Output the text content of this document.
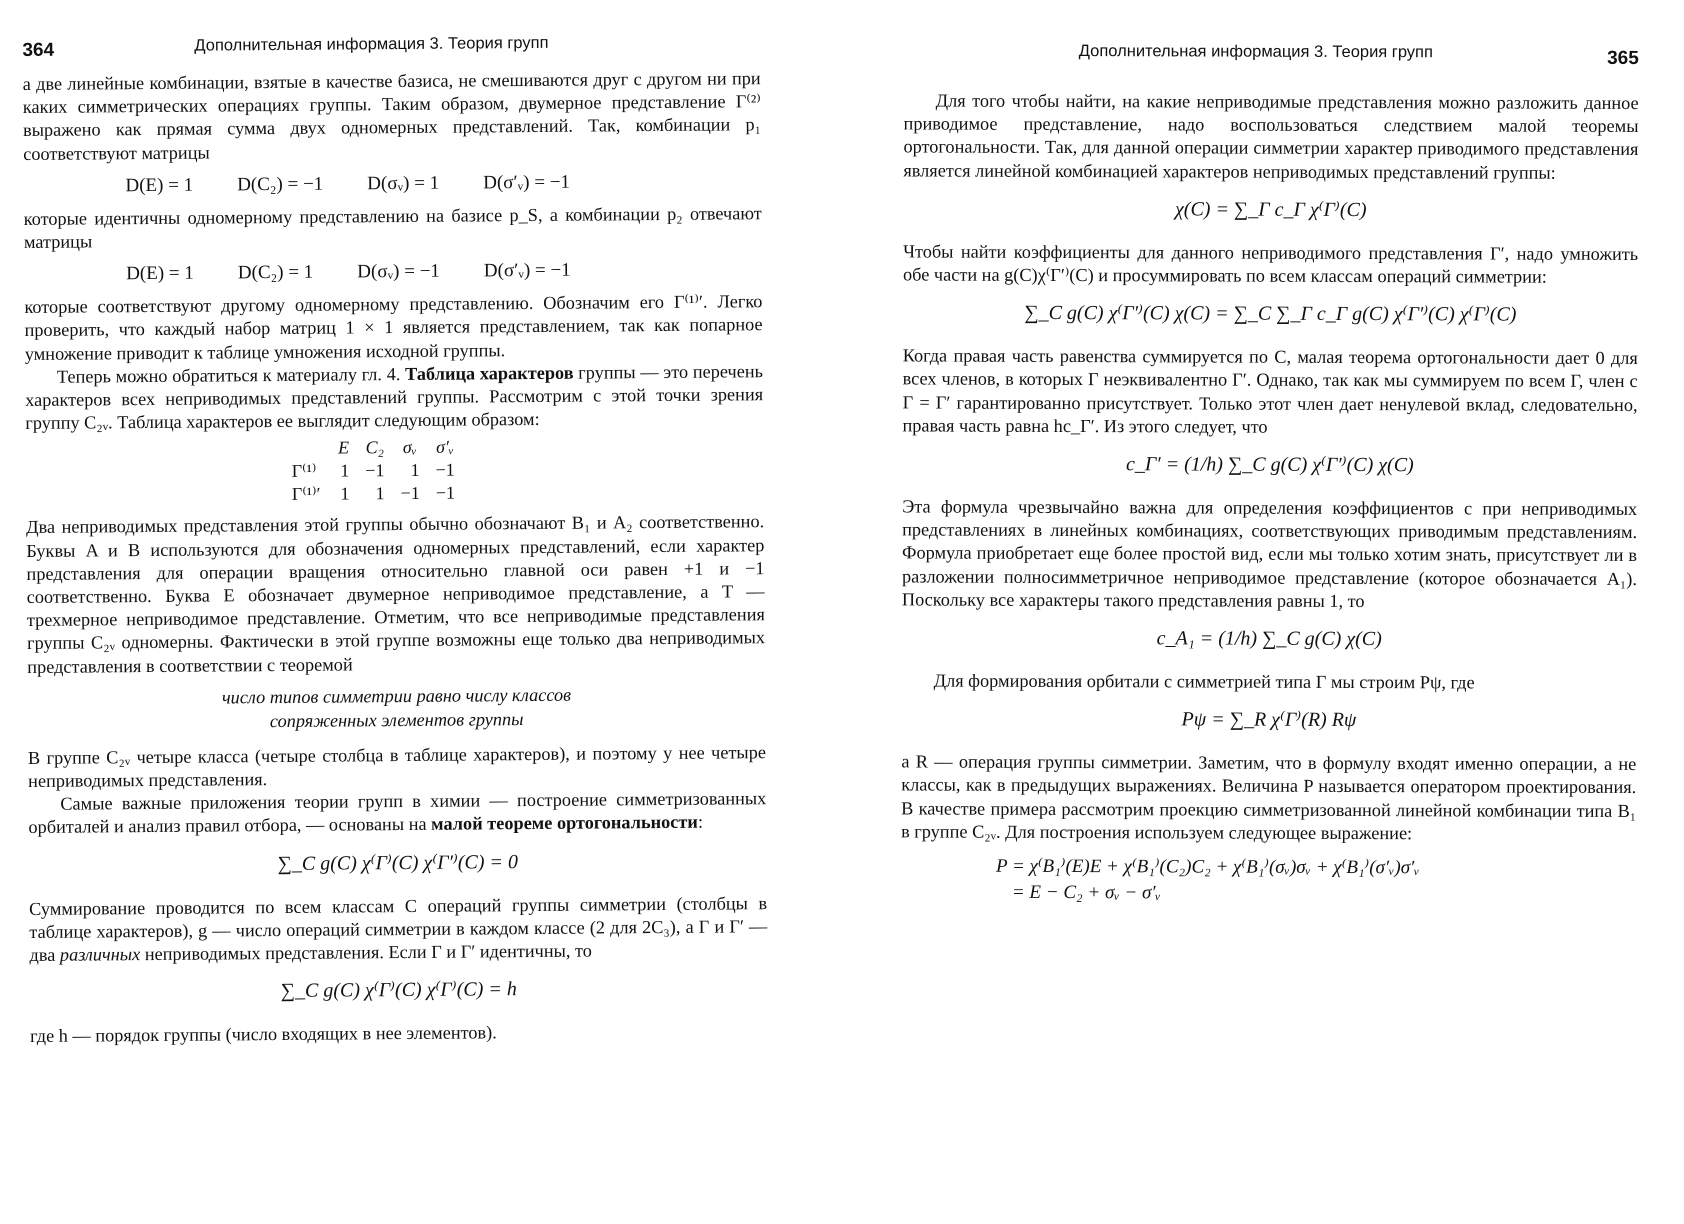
364	Дополнительная информация 3. Теория групп

а две линейные комбинации, взятые в качестве базиса, не смешиваются друг с другом ни при каких симметрических операциях группы. Таким образом, двумерное представление Γ⁽²⁾ выражено как прямая сумма двух одномерных представлений. Так, комбинации p₁ соответствуют матрицы

D(E) = 1 D(C₂) = −1 D(σᵥ) = 1 D(σ′ᵥ) = −1

которые идентичны одномерному представлению на базисе p_S, а комбинации p₂ отвечают матрицы

D(E) = 1 D(C₂) = 1 D(σᵥ) = −1 D(σ′ᵥ) = −1

которые соответствуют другому одномерному представлению. Обозначим его Γ⁽¹⁾′. Легко проверить, что каждый набор матриц 1 × 1 является представлением, так как попарное умножение приводит к таблице умножения исходной группы.

Теперь можно обратиться к материалу гл. 4. Таблица характеров группы — это перечень характеров всех неприводимых представлений группы. Рассмотрим с этой точки зрения группу C₂ᵥ. Таблица характеров ее выглядит следующим образом:

	E	C₂	σᵥ	σ′ᵥ
Γ⁽¹⁾	1	−1	1	−1
Γ⁽¹⁾′	1	1	−1	−1

Два неприводимых представления этой группы обычно обозначают B₁ и A₂ соответственно. Буквы A и B используются для обозначения одномерных представлений, если характер представления для операции вращения относительно главной оси равен +1 и −1 соответственно. Буква E обозначает двумерное неприводимое представление, а T — трехмерное неприводимое представление. Отметим, что все неприводимые представления группы C₂ᵥ одномерны. Фактически в этой группе возможны еще только два неприводимых представления в соответствии с теоремой

число типов симметрии равно числу классов
сопряженных элементов группы

В группе C₂ᵥ четыре класса (четыре столбца в таблице характеров), и поэтому у нее четыре неприводимых представления.

Самые важные приложения теории групп в химии — построение симметризованных орбиталей и анализ правил отбора, — основаны на малой теореме ортогональности:

∑_C g(C) χ⁽Γ⁾(C) χ⁽Γ′⁾(C) = 0

Суммирование проводится по всем классам C операций группы симметрии (столбцы в таблице характеров), g — число операций симметрии в каждом классе (2 для 2C₃), а Γ и Γ′ — два различных неприводимых представления. Если Γ и Γ′ идентичны, то

∑_C g(C) χ⁽Γ⁾(C) χ⁽Γ⁾(C) = h

где h — порядок группы (число входящих в нее элементов).

Дополнительная информация 3. Теория групп	365

Для того чтобы найти, на какие неприводимые представления можно разложить данное приводимое представление, надо воспользоваться следствием малой теоремы ортогональности. Так, для данной операции симметрии характер приводимого представления является линейной комбинацией характеров неприводимых представлений группы:

χ(C) = ∑_Γ c_Γ χ⁽Γ⁾(C)

Чтобы найти коэффициенты для данного неприводимого представления Γ′, надо умножить обе части на g(C)χ⁽Γ′⁾(C) и просуммировать по всем классам операций симметрии:

∑_C g(C) χ⁽Γ′⁾(C) χ(C) = ∑_C ∑_Γ c_Γ g(C) χ⁽Γ′⁾(C) χ⁽Γ⁾(C)

Когда правая часть равенства суммируется по C, малая теорема ортогональности дает 0 для всех членов, в которых Γ неэквивалентно Γ′. Однако, так как мы суммируем по всем Γ, член с Γ = Γ′ гарантированно присутствует. Только этот член дает ненулевой вклад, следовательно, правая часть равна hc_Γ′. Из этого следует, что

c_Γ′ = (1/h) ∑_C g(C) χ⁽Γ′⁾(C) χ(C)

Эта формула чрезвычайно важна для определения коэффициентов c при неприводимых представлениях в линейных комбинациях, соответствующих приводимым представлениям. Формула приобретает еще более простой вид, если мы только хотим знать, присутствует ли в разложении полносимметричное неприводимое представление (которое обозначается A₁). Поскольку все характеры такого представления равны 1, то

c_A₁ = (1/h) ∑_C g(C) χ(C)

Для формирования орбитали с симметрией типа Γ мы строим Pψ, где

Pψ = ∑_R χ⁽Γ⁾(R) Rψ

a R — операция группы симметрии. Заметим, что в формулу входят именно операции, а не классы, как в предыдущих выражениях. Величина P называется оператором проектирования. В качестве примера рассмотрим проекцию симметризованной линейной комбинации типа B₁ в группе C₂ᵥ. Для построения используем следующее выражение:

P = χ⁽B₁⁾(E)E + χ⁽B₁⁾(C₂)C₂ + χ⁽B₁⁾(σᵥ)σᵥ + χ⁽B₁⁾(σ′ᵥ)σ′ᵥ
= E − C₂ + σᵥ − σ′ᵥ
